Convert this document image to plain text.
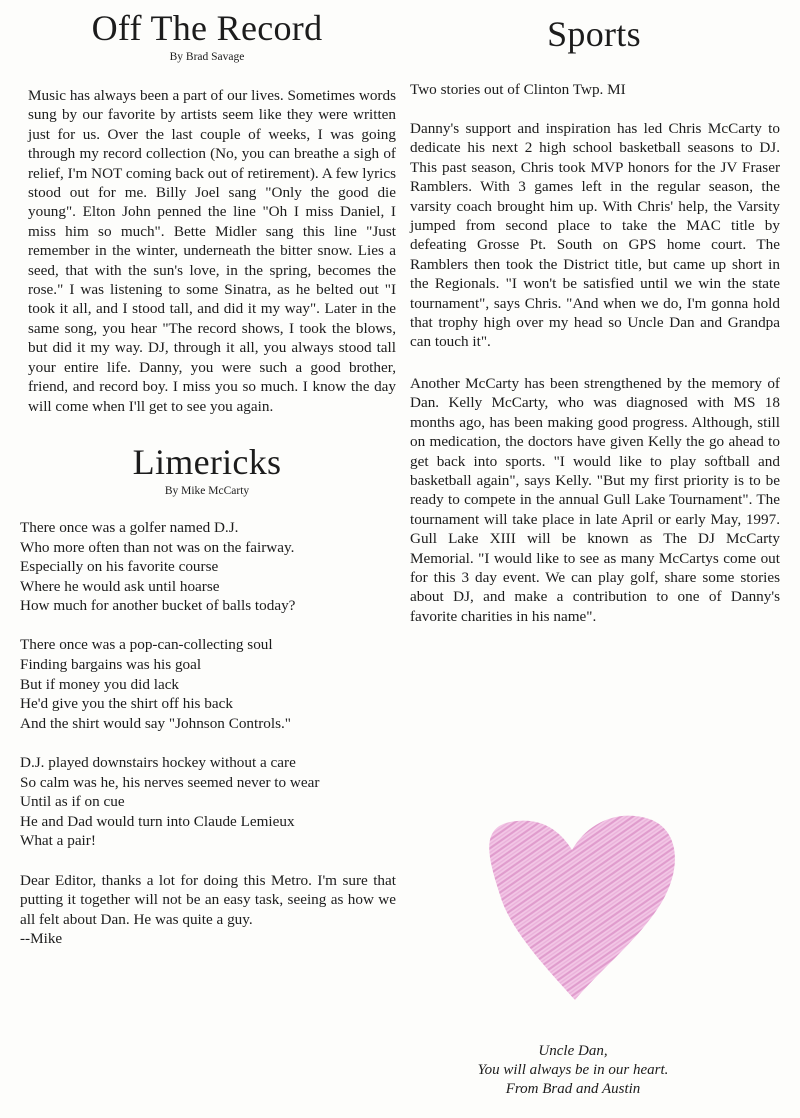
Off The Record
By Brad Savage

Music has always been a part of our lives. Sometimes words sung by our favorite by artists seem like they were written just for us. Over the last couple of weeks, I was going through my record collection (No, you can breathe a sigh of relief, I'm NOT coming back out of retirement). A few lyrics stood out for me. Billy Joel sang "Only the good die young". Elton John penned the line "Oh I miss Daniel, I miss him so much". Bette Midler sang this line "Just remember in the winter, underneath the bitter snow. Lies a seed, that with the sun's love, in the spring, becomes the rose." I was listening to some Sinatra, as he belted out "I took it all, and I stood tall, and did it my way". Later in the same song, you hear "The record shows, I took the blows, but did it my way. DJ, through it all, you always stood tall your entire life. Danny, you were such a good brother, friend, and record boy. I miss you so much. I know the day will come when I'll get to see you again.

Limericks
By Mike McCarty
There once was a golfer named D.J.
Who more often than not was on the fairway.
Especially on his favorite course
Where he would ask until hoarse
How much for another bucket of balls today?
There once was a pop-can-collecting soul
Finding bargains was his goal
But if money you did lack
He'd give you the shirt off his back
And the shirt would say "Johnson Controls."
D.J. played downstairs hockey without a care
So calm was he, his nerves seemed never to wear
Until as if on cue
He and Dad would turn into Claude Lemieux
What a pair!

Dear Editor, thanks a lot for doing this Metro. I'm sure that putting it together will not be an easy task, seeing as how we all felt about Dan. He was quite a guy.

--Mike
Sports
Two stories out of Clinton Twp. MI

Danny's support and inspiration has led Chris McCarty to dedicate his next 2 high school basketball seasons to DJ. This past season, Chris took MVP honors for the JV Fraser Ramblers. With 3 games left in the regular season, the varsity coach brought him up. With Chris' help, the Varsity jumped from second place to take the MAC title by defeating Grosse Pt. South on GPS home court. The Ramblers then took the District title, but came up short in the Regionals. "I won't be satisfied until we win the state tournament", says Chris. "And when we do, I'm gonna hold that trophy high over my head so Uncle Dan and Grandpa can touch it".

Another McCarty has been strengthened by the memory of Dan. Kelly McCarty, who was diagnosed with MS 18 months ago, has been making good progress. Although, still on medication, the doctors have given Kelly the go ahead to get back into sports. "I would like to play softball and basketball again", says Kelly. "But my first priority is to be ready to compete in the annual Gull Lake Tournament". The tournament will take place in late April or early May, 1997. Gull Lake XIII will be known as The DJ McCarty Memorial. "I would like to see as many McCartys come out for this 3 day event. We can play golf, share some stories about DJ, and make a contribution to one of Danny's favorite charities in his name".

Uncle Dan,
You will always be in our heart.
From Brad and Austin
